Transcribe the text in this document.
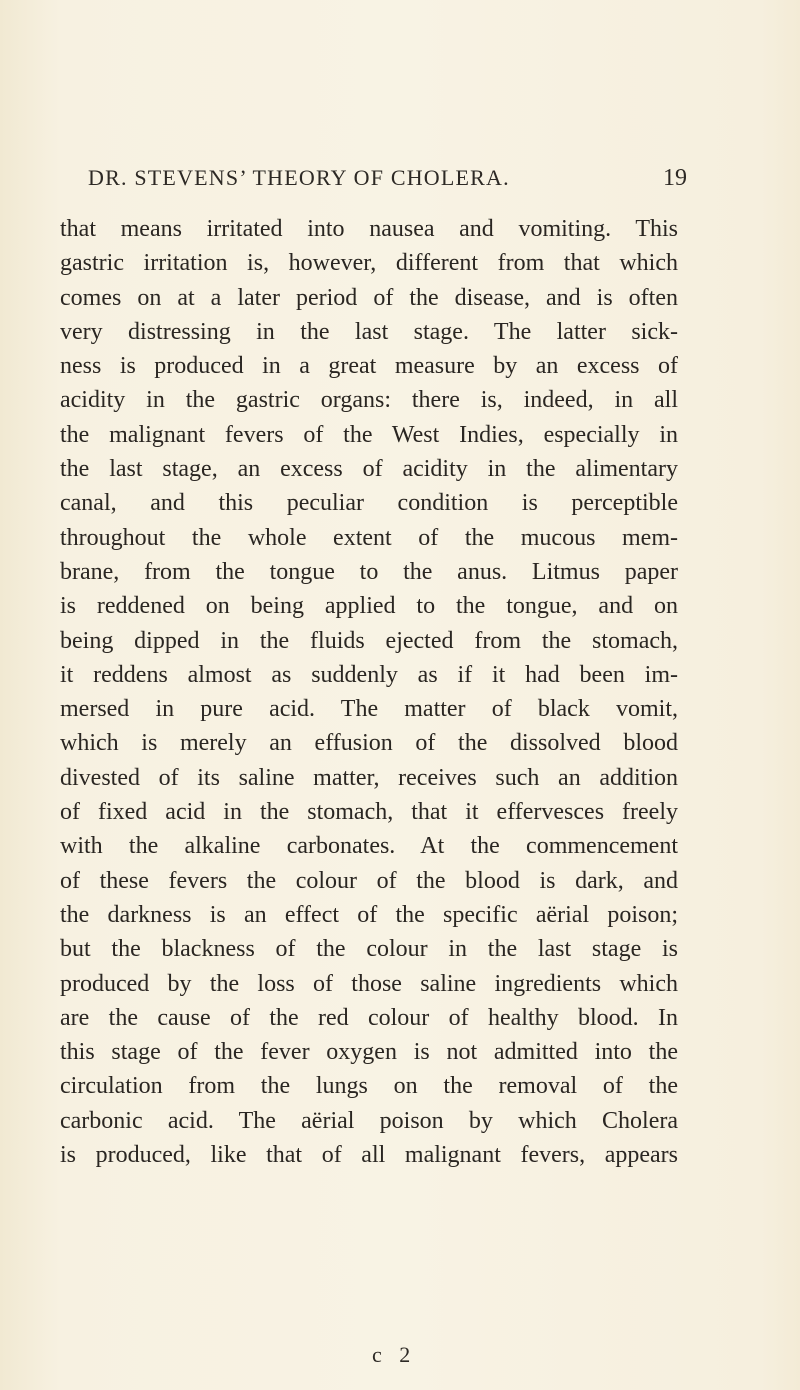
DR. STEVENS’ THEORY OF CHOLERA.	19
that means irritated into nausea and vomiting. This
gastric irritation is, however, different from that which
comes on at a later period of the disease, and is often
very distressing in the last stage. The latter sick-
ness is produced in a great measure by an excess of
acidity in the gastric organs: there is, indeed, in all
the malignant fevers of the West Indies, especially in
the last stage, an excess of acidity in the alimentary
canal, and this peculiar condition is perceptible
throughout the whole extent of the mucous mem-
brane, from the tongue to the anus. Litmus paper
is reddened on being applied to the tongue, and on
being dipped in the fluids ejected from the stomach,
it reddens almost as suddenly as if it had been im-
mersed in pure acid. The matter of black vomit,
which is merely an effusion of the dissolved blood
divested of its saline matter, receives such an addition
of fixed acid in the stomach, that it effervesces freely
with the alkaline carbonates. At the commencement
of these fevers the colour of the blood is dark, and
the darkness is an effect of the specific aërial poison;
but the blackness of the colour in the last stage is
produced by the loss of those saline ingredients which
are the cause of the red colour of healthy blood. In
this stage of the fever oxygen is not admitted into the
circulation from the lungs on the removal of the
carbonic acid. The aërial poison by which Cholera
is produced, like that of all malignant fevers, appears
c 2
